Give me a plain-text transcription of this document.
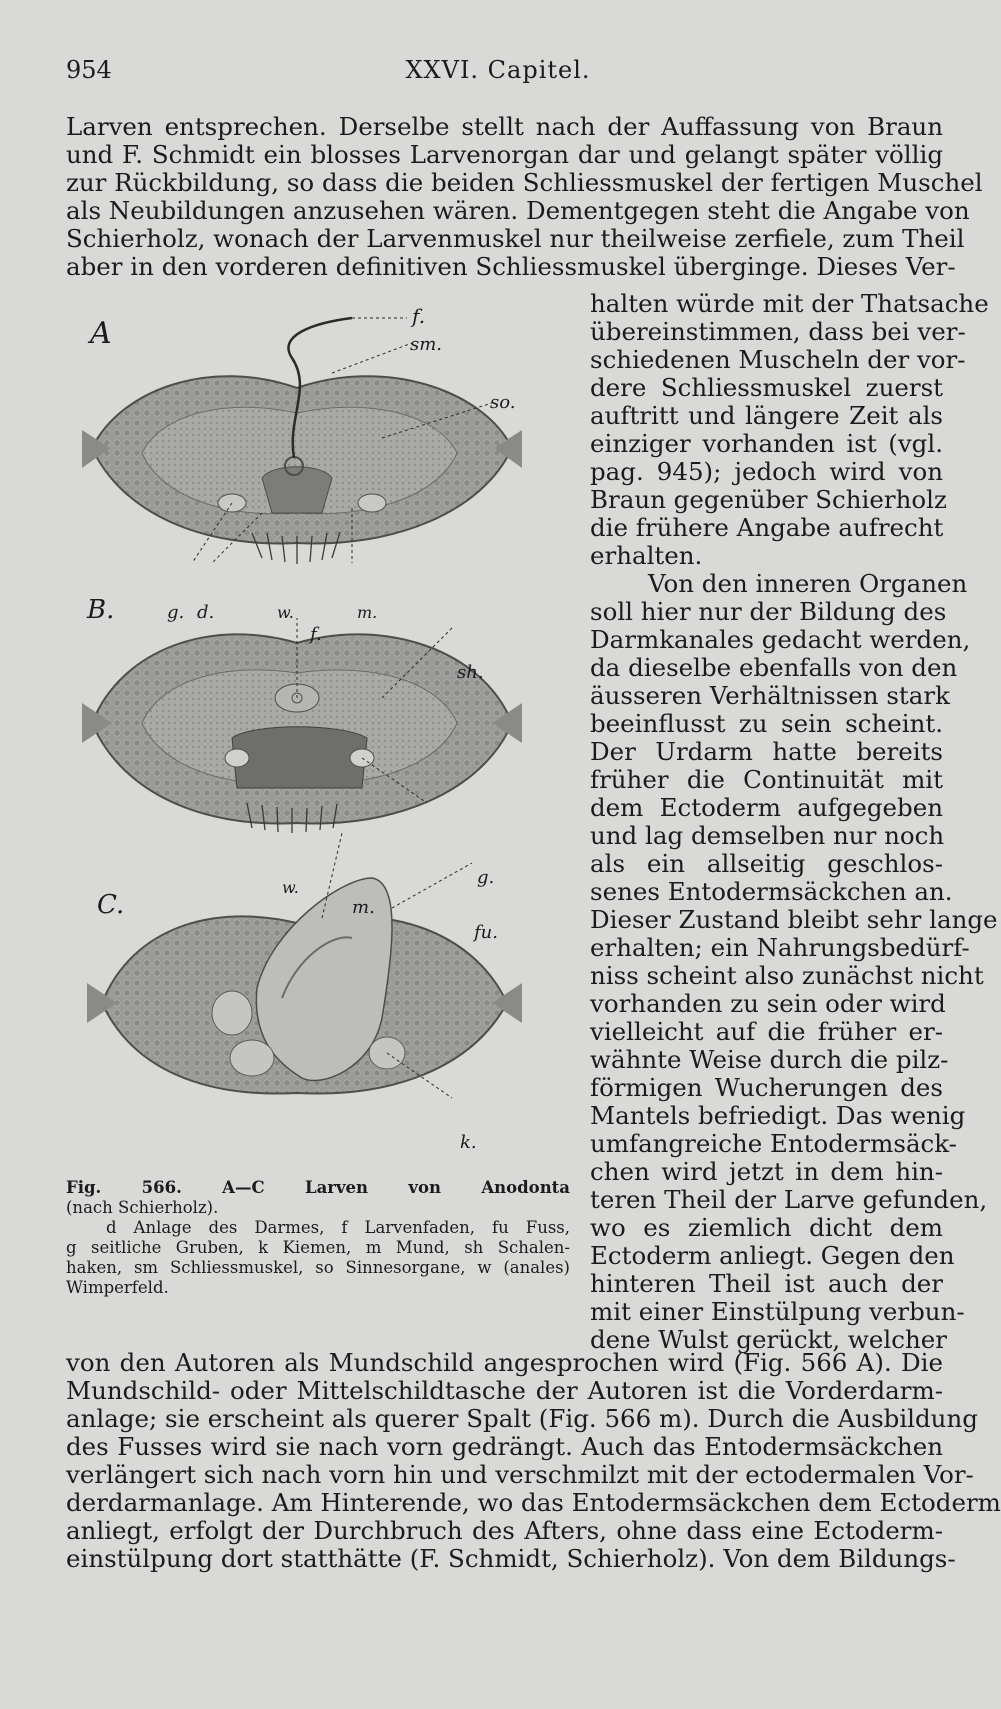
954	XXVI. Capitel.
Larven entsprechen. Derselbe stellt nach der Auffassung von Braun
und F. Schmidt ein blosses Larvenorgan dar und gelangt später völlig
zur Rückbildung, so dass die beiden Schliessmuskel der fertigen Muschel
als Neubildungen anzusehen wären. Dementgegen steht die Angabe von
Schierholz, wonach der Larvenmuskel nur theilweise zerfiele, zum Theil
aber in den vorderen definitiven Schliessmuskel überginge. Dieses Ver-
A	f.
sm.
so.
B.	g. d.	w.	m.
f.
sh.
w.	g.
C.	m.
fu.
k.
halten würde mit der Thatsache
übereinstimmen, dass bei ver-
schiedenen Muscheln der vor-
dere Schliessmuskel zuerst
auftritt und längere Zeit als
einziger vorhanden ist (vgl.
pag. 945); jedoch wird von
Braun gegenüber Schierholz
die frühere Angabe aufrecht
erhalten.
Von den inneren Organen
soll hier nur der Bildung des
Darmkanales gedacht werden,
da dieselbe ebenfalls von den
äusseren Verhältnissen stark
beeinflusst zu sein scheint.
Der Urdarm hatte bereits
früher die Continuität mit
dem Ectoderm aufgegeben
und lag demselben nur noch
als ein allseitig geschlos-
senes Entodermsäckchen an.
Dieser Zustand bleibt sehr lange
erhalten; ein Nahrungsbedürf-
niss scheint also zunächst nicht
vorhanden zu sein oder wird
vielleicht auf die früher er-
wähnte Weise durch die pilz-
förmigen Wucherungen des
Mantels befriedigt. Das wenig
umfangreiche Entodermsäck-
chen wird jetzt in dem hin-
teren Theil der Larve gefunden,
wo es ziemlich dicht dem
Ectoderm anliegt. Gegen den
hinteren Theil ist auch der
mit einer Einstülpung verbun-
dene Wulst gerückt, welcher
Fig. 566. A—C Larven von Anodonta
(nach Schierholz).
d Anlage des Darmes, f Larvenfaden, fu Fuss,
g seitliche Gruben, k Kiemen, m Mund, sh Schalen-
haken, sm Schliessmuskel, so Sinnesorgane, w (anales)
Wimperfeld.
von den Autoren als Mundschild angesprochen wird (Fig. 566 A). Die
Mundschild- oder Mittelschildtasche der Autoren ist die Vorderdarm-
anlage; sie erscheint als querer Spalt (Fig. 566 m). Durch die Ausbildung
des Fusses wird sie nach vorn gedrängt. Auch das Entodermsäckchen
verlängert sich nach vorn hin und verschmilzt mit der ectodermalen Vor-
derdarmanlage. Am Hinterende, wo das Entodermsäckchen dem Ectoderm
anliegt, erfolgt der Durchbruch des Afters, ohne dass eine Ectoderm-
einstülpung dort statthätte (F. Schmidt, Schierholz). Von dem Bildungs-
